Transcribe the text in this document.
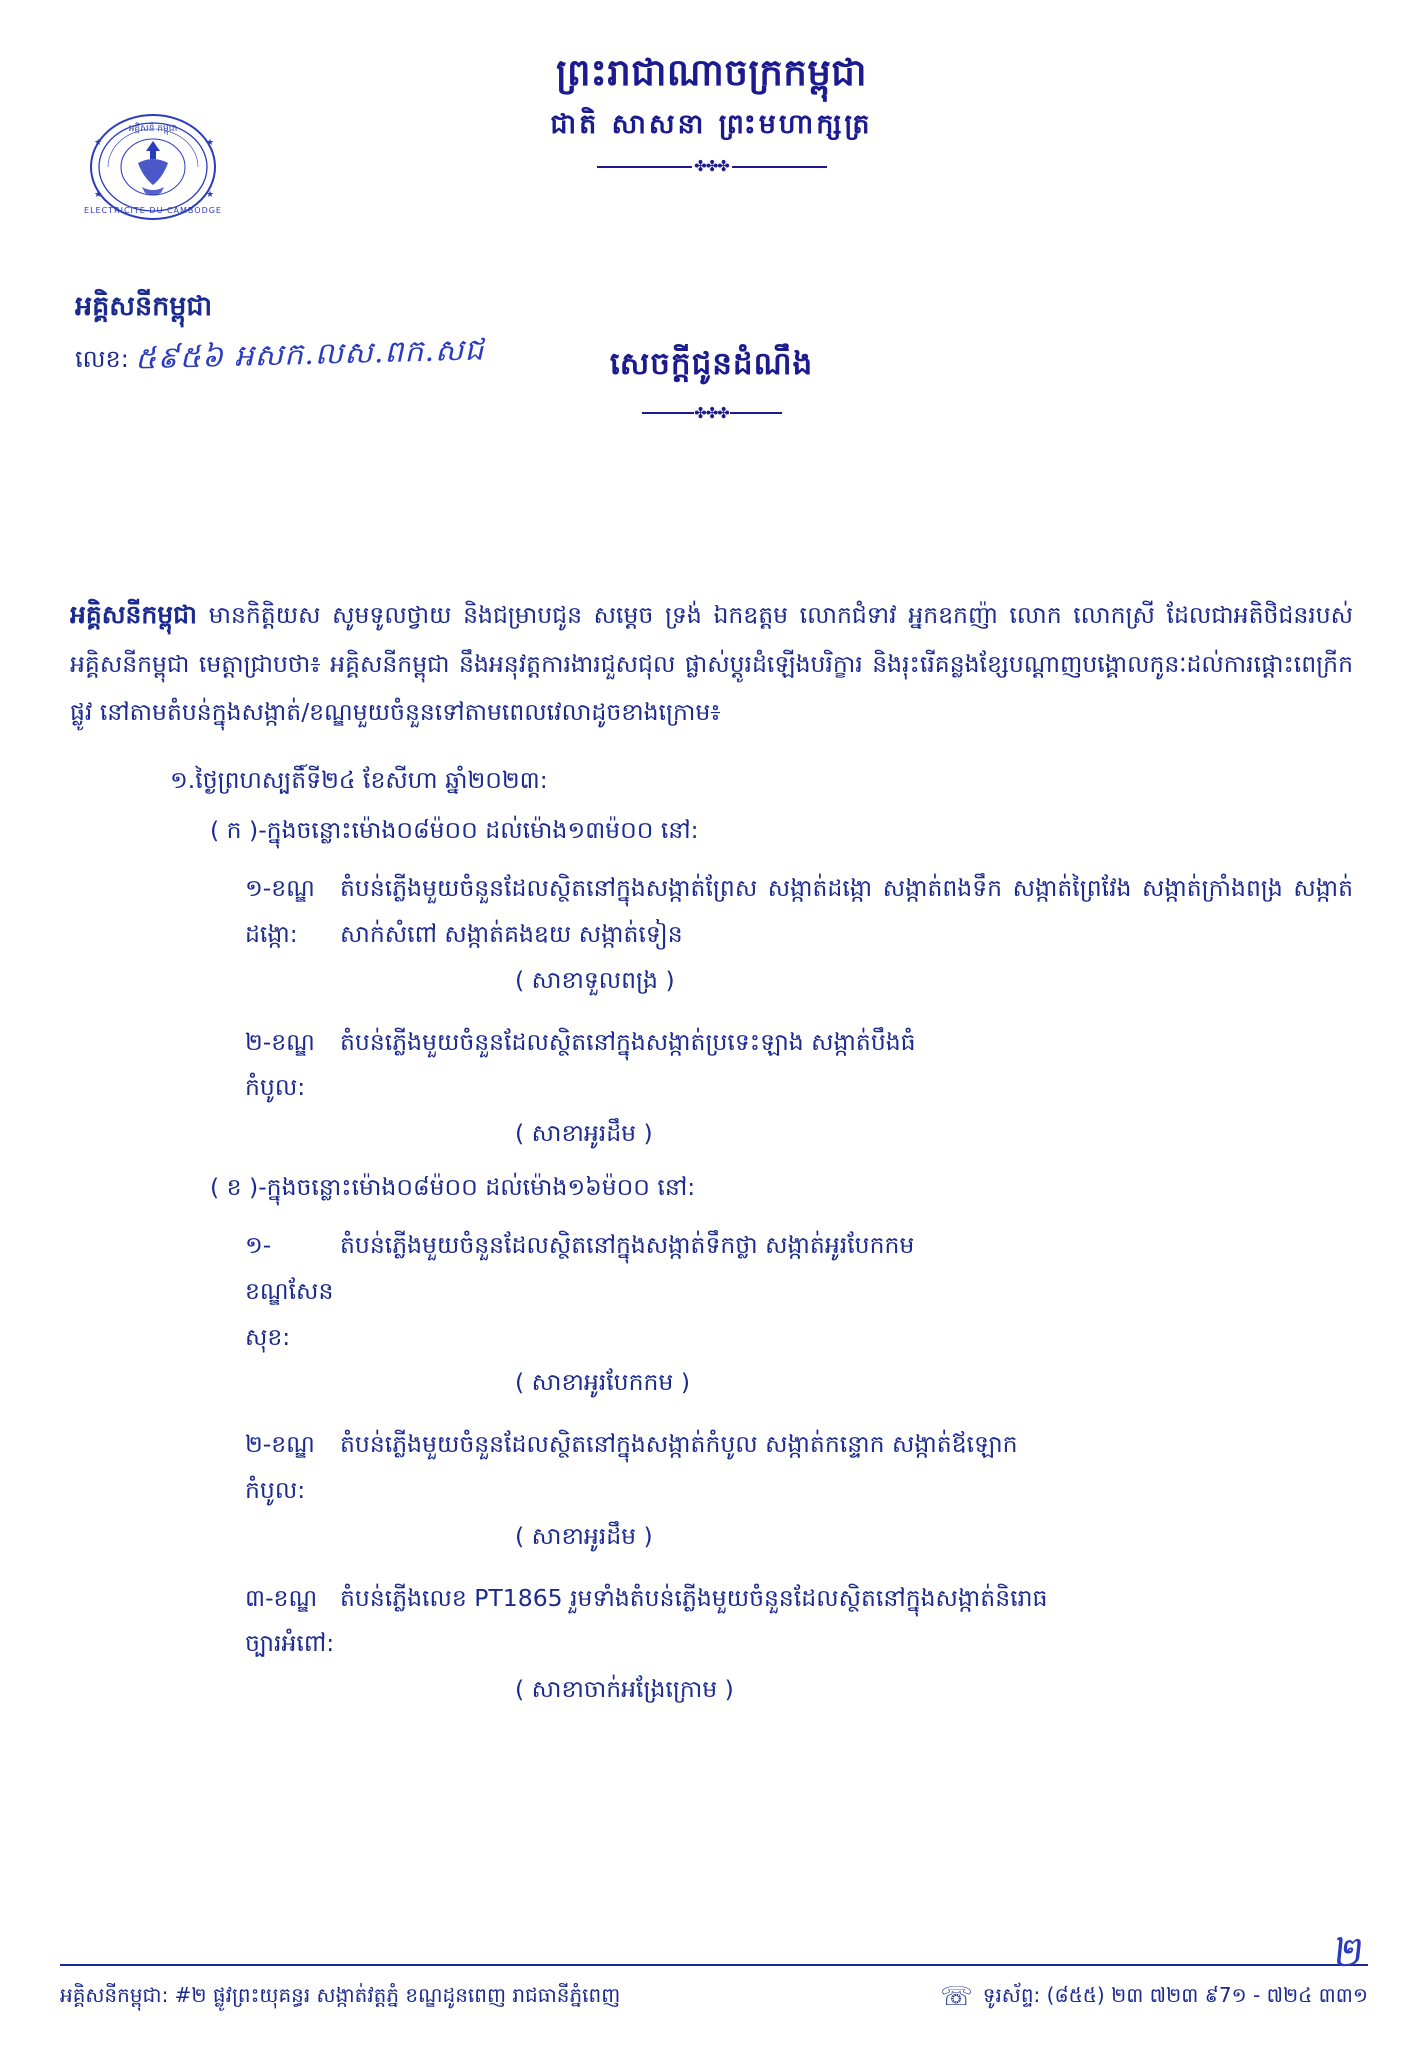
ព្រះរាជាណាចក្រកម្ពុជា
ជាតិ សាសនា ព្រះមហាក្សត្រ
✤✤✤
អគ្គិសនី កម្ពុជា
ELECTRICITE DU CAMBODGE
★	★
★	★
អគ្គិសនីកម្ពុជា
លេខ: ៥៩៥៦ អសក.លស.ពក.សជ	សេចក្ដីជូនដំណឹង
✤✤✤

អគ្គិសនីកម្ពុជា មានកិត្តិយស សូមទូលថ្វាយ និងជម្រាបជូន សម្តេច ទ្រង់ ឯកឧត្តម លោកជំទាវ អ្នកឧកញ៉ា លោក លោកស្រី ដែលជាអតិថិជនរបស់អគ្គិសនីកម្ពុជា មេត្តាជ្រាបថា៖ អគ្គិសនីកម្ពុជា នឹងអនុវត្តការងារជួសជុល ផ្លាស់ប្តូរដំឡើងបរិក្ខារ និងរុះរើគន្លងខ្សែបណ្ដាញបង្គោលកូនៈដល់ការផ្ដោះពេក្រីកផ្លូវ នៅតាមតំបន់ក្នុងសង្កាត់/ខណ្ឌមួយចំនួនទៅតាមពេលវេលាដូចខាងក្រោម៖

១.ថ្ងៃព្រហស្បតិ៍ទី២៤ ខែសីហា ឆ្នាំ២០២៣:
( ក )-ក្នុងចន្លោះម៉ោង០៨ម៉០០ ដល់ម៉ោង១៣ម៉០០ នៅ:
១-ខណ្ឌដង្កោ:
តំបន់ភ្លើងមួយចំនួនដែលស្ថិតនៅក្នុងសង្កាត់ព្រែស សង្កាត់ដង្កោ សង្កាត់ពងទឹក សង្កាត់ព្រៃវែង សង្កាត់ក្រាំងពង្រ សង្កាត់សាក់សំពៅ សង្កាត់គងឧយ សង្កាត់ទៀន
( សាខាទួលពង្រ )
២-ខណ្ឌកំបូល:
តំបន់ភ្លើងមួយចំនួនដែលស្ថិតនៅក្នុងសង្កាត់ប្រទេះឡាង សង្កាត់បឹងធំ
( សាខាអូរដឹម )
( ខ )-ក្នុងចន្លោះម៉ោង០៨ម៉០០ ដល់ម៉ោង១៦ម៉០០ នៅ:
១-ខណ្ឌសែនសុខ:
តំបន់ភ្លើងមួយចំនួនដែលស្ថិតនៅក្នុងសង្កាត់ទឹកថ្លា សង្កាត់អូរបែកកម
( សាខាអូរបែកកម )
២-ខណ្ឌកំបូល:
តំបន់ភ្លើងមួយចំនួនដែលស្ថិតនៅក្នុងសង្កាត់កំបូល សង្កាត់កន្ទោក សង្កាត់ឪឡោក
( សាខាអូរដឹម )
៣-ខណ្ឌច្បារអំពៅ:
តំបន់ភ្លើងលេខ PT1865 រួមទាំងតំបន់ភ្លើងមួយចំនួនដែលស្ថិតនៅក្នុងសង្កាត់និរោធ
( សាខាចាក់អង្រែក្រោម )
អគ្គិសនីកម្ពុជា: #២ ផ្លូវព្រះយុគន្ធរ សង្កាត់វត្តភ្នំ ខណ្ឌដូនពេញ រាជធានីភ្នំពេញ	☏ ទូរស័ព្ទ: (៨៥៥) ២៣ ៧២៣ ៩7១ - ៧២៤ ៣៣១
២
